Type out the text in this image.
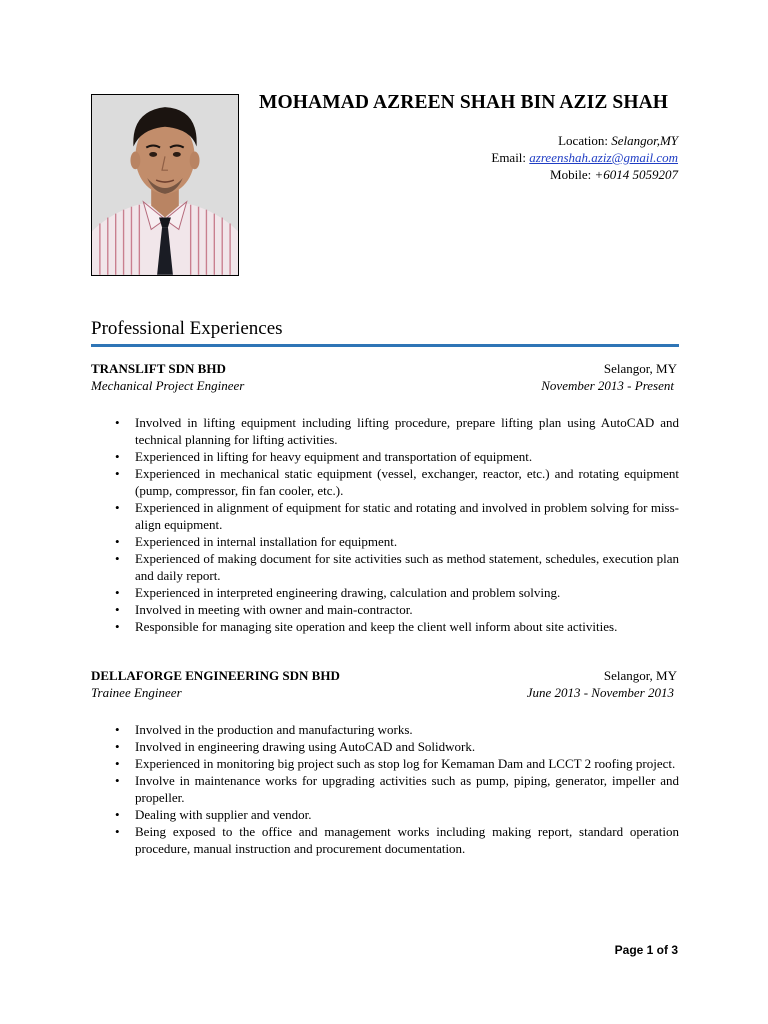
MOHAMAD AZREEN SHAH BIN AZIZ SHAH
Location: Selangor,MY
Email: azreenshah.aziz@gmail.com
Mobile: +6014 5059207
Professional Experiences
TRANSLIFT SDN BHD	Selangor, MY
Mechanical Project Engineer	November 2013 - Present
• Involved in lifting equipment including lifting procedure, prepare lifting plan using AutoCAD and technical planning for lifting activities.
• Experienced in lifting for heavy equipment and transportation of equipment.
• Experienced in mechanical static equipment (vessel, exchanger, reactor, etc.) and rotating equipment (pump, compressor, fin fan cooler, etc.).
• Experienced in alignment of equipment for static and rotating and involved in problem solving for miss-align equipment.
• Experienced in internal installation for equipment.
• Experienced of making document for site activities such as method statement, schedules, execution plan and daily report.
• Experienced in interpreted engineering drawing, calculation and problem solving.
• Involved in meeting with owner and main-contractor.
• Responsible for managing site operation and keep the client well inform about site activities.
DELLAFORGE ENGINEERING SDN BHD	Selangor, MY
Trainee Engineer	June 2013 - November 2013
• Involved in the production and manufacturing works.
• Involved in engineering drawing using AutoCAD and Solidwork.
• Experienced in monitoring big project such as stop log for Kemaman Dam and LCCT 2 roofing project.
• Involve in maintenance works for upgrading activities such as pump, piping, generator, impeller and propeller.
• Dealing with supplier and vendor.
• Being exposed to the office and management works including making report, standard operation procedure, manual instruction and procurement documentation.
Page 1 of 3
